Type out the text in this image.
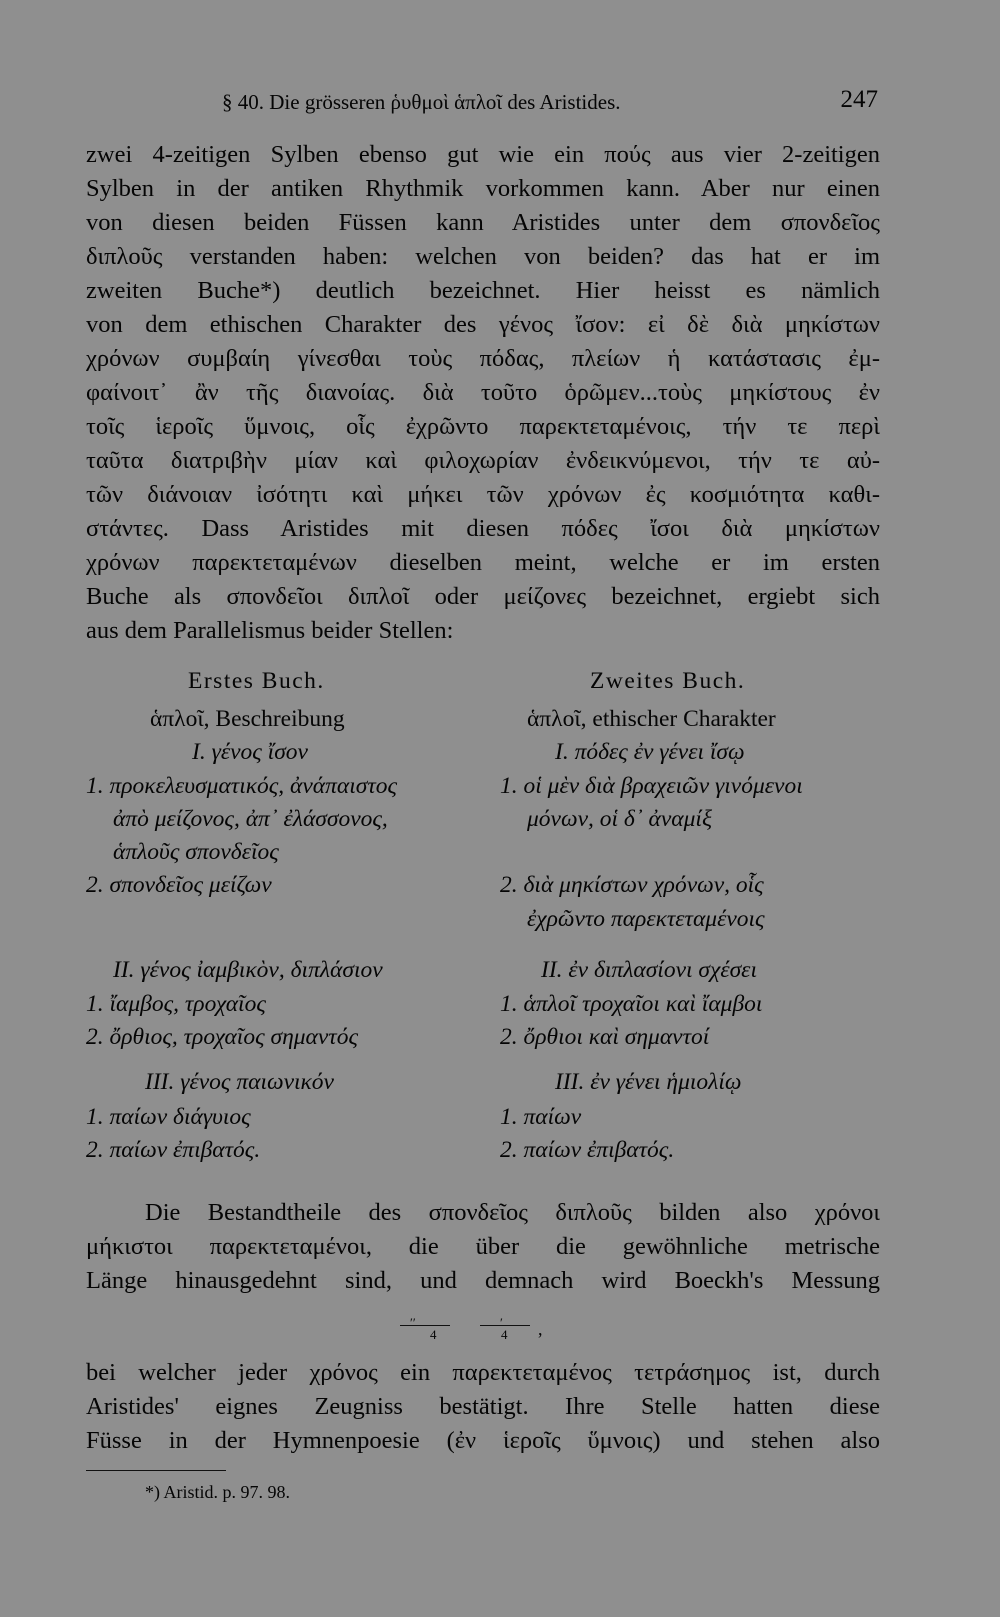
§ 40. Die grösseren ῥυθμοὶ ἁπλοῖ des Aristides.	247
zwei 4-zeitigen Sylben ebenso gut wie ein πούς aus vier 2-zeitigen
Sylben in der antiken Rhythmik vorkommen kann. Aber nur einen
von diesen beiden Füssen kann Aristides unter dem σπονδεῖος
διπλοῦς verstanden haben: welchen von beiden? das hat er im
zweiten Buche*) deutlich bezeichnet. Hier heisst es nämlich
von dem ethischen Charakter des γένος ἴσον: εἰ δὲ διὰ μηκίστων
χρόνων συμβαίη γίνεσθαι τοὺς πόδας, πλείων ἡ κατάστασις ἐμ-
φαίνοιτ᾽ ἂν τῆς διανοίας. διὰ τοῦτο ὁρῶμεν...τοὺς μηκίστους ἐν
τοῖς ἱεροῖς ὕμνοις, οἷς ἐχρῶντο παρεκτεταμένοις, τήν τε περὶ
ταῦτα διατριβὴν μίαν καὶ φιλοχωρίαν ἐνδεικνύμενοι, τήν τε αὐ-
τῶν διάνοιαν ἰσότητι καὶ μήκει τῶν χρόνων ἐς κοσμιότητα καθι-
στάντες. Dass Aristides mit diesen πόδες ἴσοι διὰ μηκίστων
χρόνων παρεκτεταμένων dieselben meint, welche er im ersten
Buche als σπονδεῖοι διπλοῖ oder μείζονες bezeichnet, ergiebt sich
aus dem Parallelismus beider Stellen:
Erstes Buch.
ἁπλοῖ, Beschreibung
I. γένος ἴσον
1. προκελευσματικός, ἀνάπαιστος
ἀπὸ μείζονος, ἀπ᾽ ἐλάσσονος,
ἁπλοῦς σπονδεῖος
2. σπονδεῖος μείζων
II. γένος ἰαμβικὸν, διπλάσιον
1. ἴαμβος, τροχαῖος
2. ὄρθιος, τροχαῖος σημαντός
III. γένος παιωνικόν
1. παίων διάγυιος
2. παίων ἐπιβατός.
Zweites Buch.
ἁπλοῖ, ethischer Charakter
I. πόδες ἐν γένει ἴσῳ
1. οἱ μὲν διὰ βραχειῶν γινόμενοι
μόνων, οἱ δ᾽ ἀναμίξ
2. διὰ μηκίστων χρόνων, οἷς
ἐχρῶντο παρεκτεταμένοις
II. ἐν διπλασίονι σχέσει
1. ἁπλοῖ τροχαῖοι καὶ ἴαμβοι
2. ὄρθιοι καὶ σημαντοί
III. ἐν γένει ἡμιολίῳ
1. παίων
2. παίων ἐπιβατός.
Die Bestandtheile des σπονδεῖος διπλοῦς bilden also χρόνοι
μήκιστοι παρεκτεταμένοι, die über die gewöhnliche metrische
Länge hinausgedehnt sind, und demnach wird Boeckh's Messung
′′
4
′
4 ,
bei welcher jeder χρόνος ein παρεκτεταμένος τετράσημος ist, durch
Aristides' eignes Zeugniss bestätigt. Ihre Stelle hatten diese
Füsse in der Hymnenpoesie (ἐν ἱεροῖς ὕμνοις) und stehen also
*) Aristid. p. 97. 98.
